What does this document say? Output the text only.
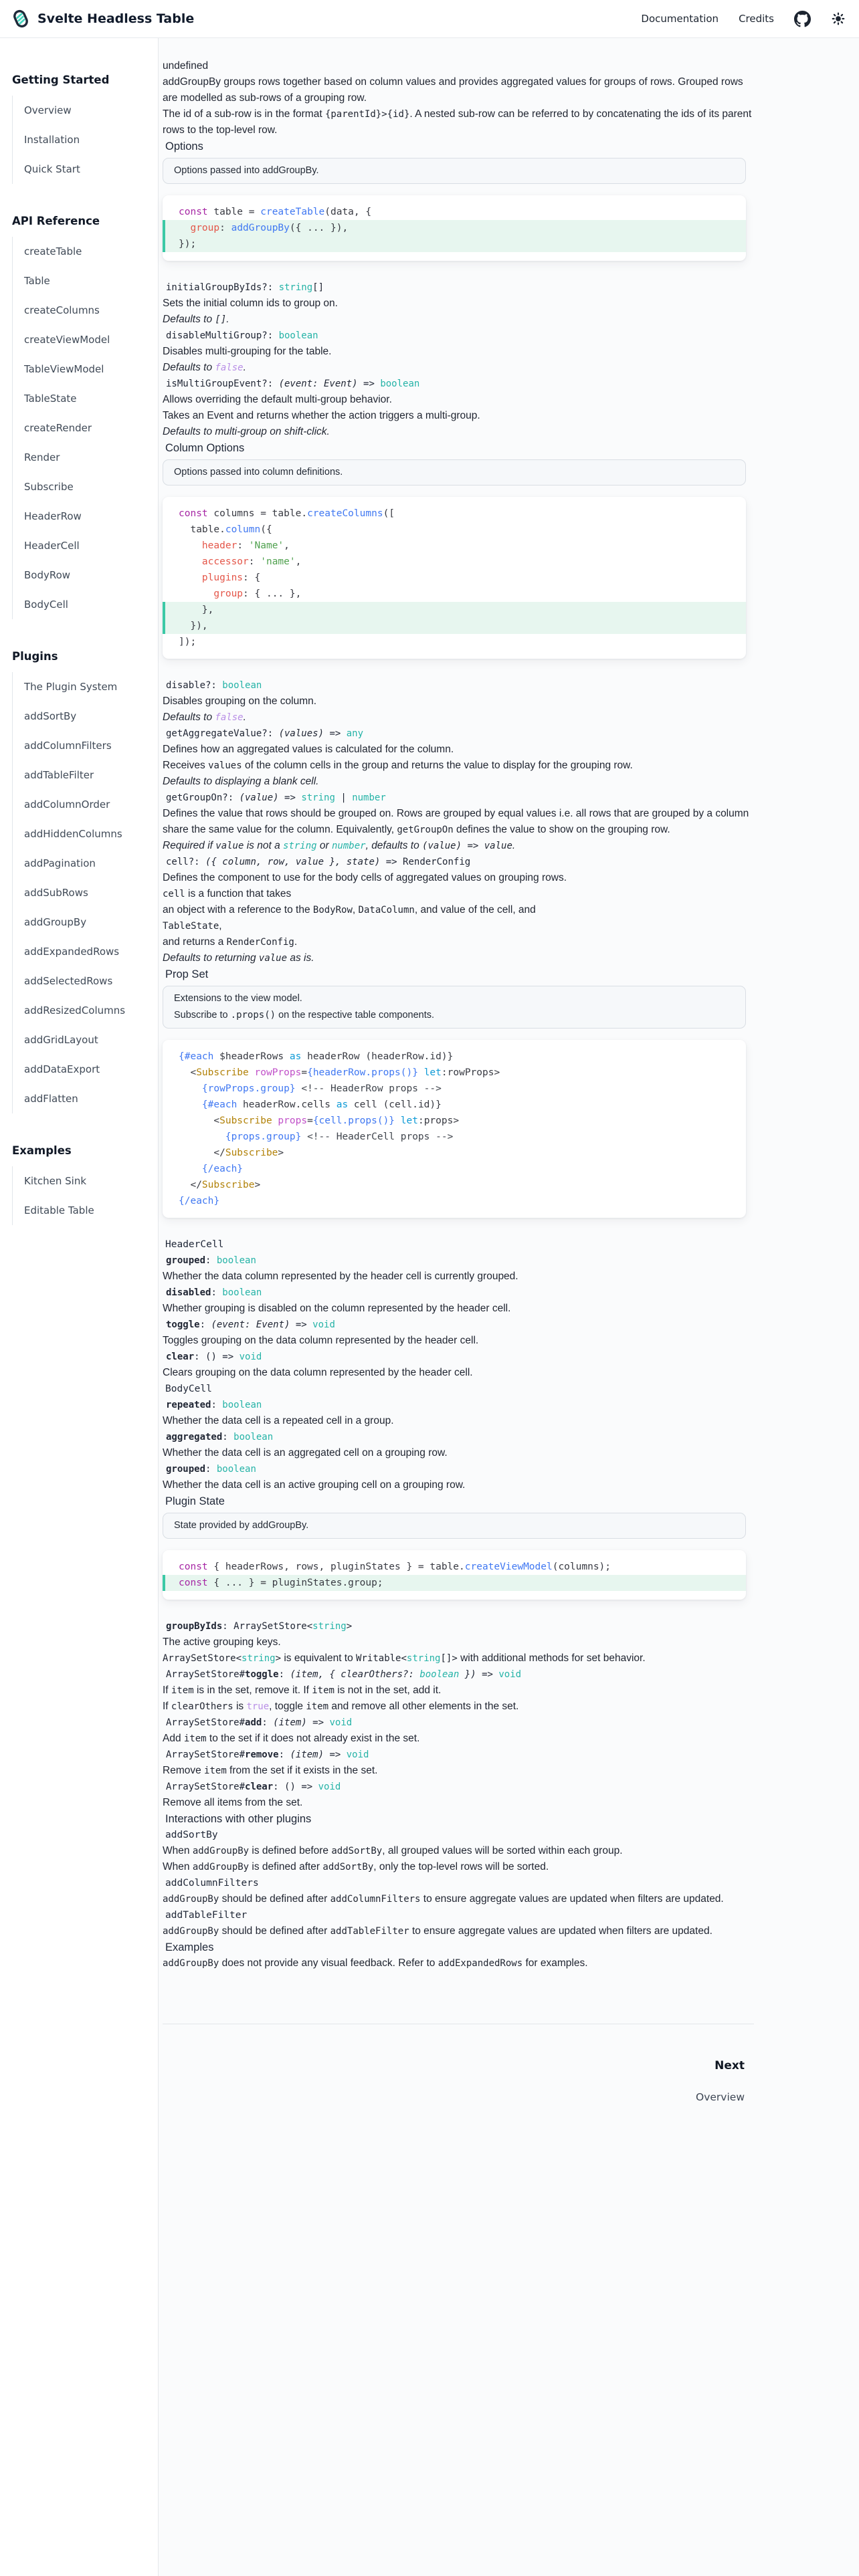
Svelte Headless Table	Documentation Credits
Getting Started
Overview
Installation
Quick Start
API Reference
createTable
Table
createColumns
createViewModel
TableViewModel
TableState
createRender
Render
Subscribe
HeaderRow
HeaderCell
BodyRow
BodyCell
Plugins
The Plugin System
addSortBy
addColumnFilters
addTableFilter
addColumnOrder
addHiddenColumns
addPagination
addSubRows
addGroupBy
addExpandedRows
addSelectedRows
addResizedColumns
addGridLayout
addDataExport
addFlatten
Examples
Kitchen Sink
Editable Table
undefined
addGroupBy groups rows together based on column values and provides aggregated values for groups of rows. Grouped rows are modelled as sub-rows of a grouping row.
The id of a sub-row is in the format {parentId}>{id}. A nested sub-row can be referred to by concatenating the ids of its parent rows to the top-level row.
Options
Options passed into addGroupBy.
const table = createTable(data, {
group: addGroupBy({ ... }),
});
initialGroupByIds?: string[]
Sets the initial column ids to group on.
Defaults to [].
disableMultiGroup?: boolean
Disables multi-grouping for the table.
Defaults to false.
isMultiGroupEvent?: (event: Event) => boolean
Allows overriding the default multi-group behavior.
Takes an Event and returns whether the action triggers a multi-group.
Defaults to multi-group on shift-click.
Column Options
Options passed into column definitions.
const columns = table.createColumns([
table.column({
header: 'Name',
accessor: 'name',
plugins: {
group: { ... },
},
}),
]);
disable?: boolean
Disables grouping on the column.
Defaults to false.
getAggregateValue?: (values) => any
Defines how an aggregated values is calculated for the column.
Receives values of the column cells in the group and returns the value to display for the grouping row.
Defaults to displaying a blank cell.
getGroupOn?: (value) => string | number
Defines the value that rows should be grouped on. Rows are grouped by equal values i.e. all rows that are grouped by a column share the same value for the column. Equivalently, getGroupOn defines the value to show on the grouping row.
Required if value is not a string or number, defaults to (value) => value.
cell?: ({ column, row, value }, state) => RenderConfig
Defines the component to use for the body cells of aggregated values on grouping rows.
cell is a function that takes
an object with a reference to the BodyRow, DataColumn, and value of the cell, and
TableState,
and returns a RenderConfig.
Defaults to returning value as is.
Prop Set
Extensions to the view model.
Subscribe to .props() on the respective table components.
{#each $headerRows as headerRow (headerRow.id)}
<Subscribe rowProps={headerRow.props()} let:rowProps>
{rowProps.group} <!-- HeaderRow props -->
{#each headerRow.cells as cell (cell.id)}
<Subscribe props={cell.props()} let:props>
{props.group} <!-- HeaderCell props -->
</Subscribe>
{/each}
</Subscribe>
{/each}
HeaderCell
grouped: boolean
Whether the data column represented by the header cell is currently grouped.
disabled: boolean
Whether grouping is disabled on the column represented by the header cell.
toggle: (event: Event) => void
Toggles grouping on the data column represented by the header cell.
clear: () => void
Clears grouping on the data column represented by the header cell.
BodyCell
repeated: boolean
Whether the data cell is a repeated cell in a group.
aggregated: boolean
Whether the data cell is an aggregated cell on a grouping row.
grouped: boolean
Whether the data cell is an active grouping cell on a grouping row.
Plugin State
State provided by addGroupBy.
const { headerRows, rows, pluginStates } = table.createViewModel(columns);
const { ... } = pluginStates.group;
groupByIds: ArraySetStore<string>
The active grouping keys.
ArraySetStore<string> is equivalent to Writable<string[]> with additional methods for set behavior.
ArraySetStore#toggle: (item, { clearOthers?: boolean }) => void
If item is in the set, remove it. If item is not in the set, add it.
If clearOthers is true, toggle item and remove all other elements in the set.
ArraySetStore#add: (item) => void
Add item to the set if it does not already exist in the set.
ArraySetStore#remove: (item) => void
Remove item from the set if it exists in the set.
ArraySetStore#clear: () => void
Remove all items from the set.
Interactions with other plugins
addSortBy
When addGroupBy is defined before addSortBy, all grouped values will be sorted within each group.
When addGroupBy is defined after addSortBy, only the top-level rows will be sorted.
addColumnFilters
addGroupBy should be defined after addColumnFilters to ensure aggregate values are updated when filters are updated.
addTableFilter
addGroupBy should be defined after addTableFilter to ensure aggregate values are updated when filters are updated.
Examples
addGroupBy does not provide any visual feedback. Refer to addExpandedRows for examples.
Next
Overview
